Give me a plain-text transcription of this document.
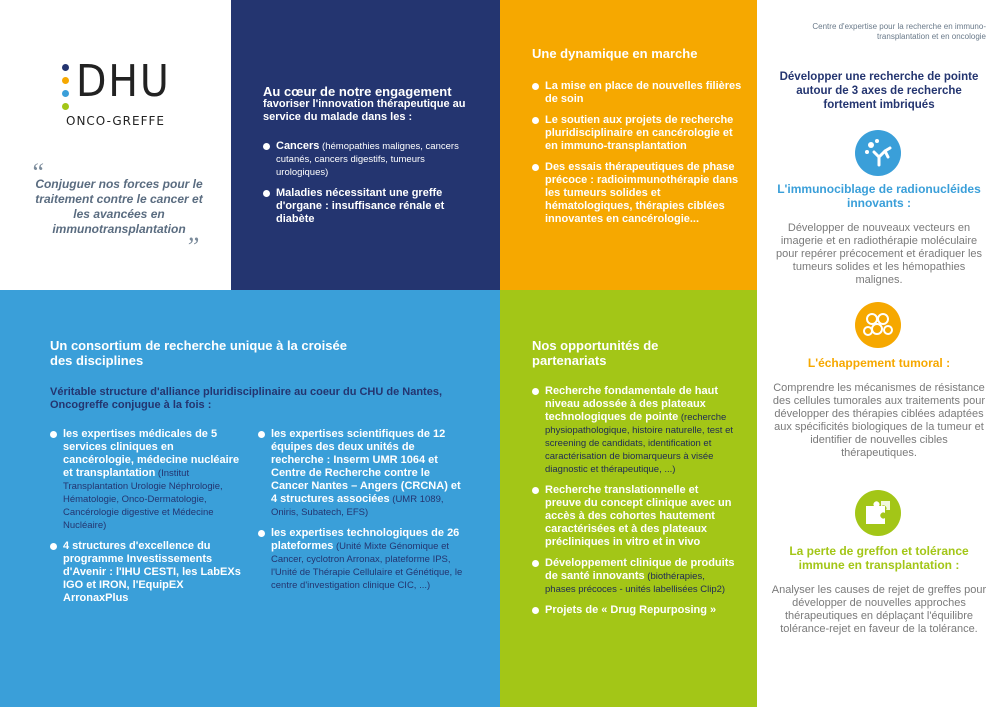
DHU
ONCO-GREFFE
“
Conjuguer nos forces pour le traitement contre le cancer et les avancées en immunotransplantation
”
Au cœur de notre engagement
favoriser l'innovation thérapeutique au service du malade dans les :
Cancers (hémopathies malignes, cancers cutanés, cancers digestifs, tumeurs urologiques)
Maladies nécessitant une greffe d'organe : insuffisance rénale et diabète
Une dynamique en marche
La mise en place de nouvelles filières de soin
Le soutien aux projets de recherche pluridisciplinaire en cancérologie et en immuno-transplantation
Des essais thérapeutiques de phase précoce : radioimmunothérapie dans les tumeurs solides et hématologiques, thérapies ciblées innovantes en cancérologie...
Un consortium de recherche unique à la croisée des disciplines
Véritable structure d'alliance pluridisciplinaire au coeur du CHU de Nantes, Oncogreffe conjugue à la fois :
les expertises médicales de 5 services cliniques en cancérologie, médecine nucléaire et transplantation (Institut Transplantation Urologie Néphrologie, Hématologie, Onco-Dermatologie, Cancérologie digestive et Médecine Nucléaire)
4 structures d'excellence du programme Investissements d'Avenir : l'IHU CESTI, les LabEXs IGO et IRON, l'EquipEX ArronaxPlus
les expertises scientifiques de 12 équipes des deux unités de recherche : Inserm UMR 1064 et Centre de Recherche contre le Cancer Nantes – Angers (CRCNA) et 4 structures associées (UMR 1089, Oniris, Subatech, EFS)
les expertises technologiques de 26 plateformes (Unité Mixte Génomique et Cancer, cyclotron Arronax, plateforme IPS, l'Unité de Thérapie Cellulaire et Génétique, le centre d'investigation clinique CIC, ...)
Nos opportunités de partenariats
Recherche fondamentale de haut niveau adossée à des plateaux technologiques de pointe (recherche physiopathologique, histoire naturelle, test et screening de candidats, identification et caractérisation de biomarqueurs à visée diagnostic et thérapeutique, ...)
Recherche translationnelle et preuve du concept clinique avec un accès à des cohortes hautement caractérisées et à des plateaux précliniques in vitro et in vivo
Développement clinique de produits de santé innovants (biothérapies, phases précoces - unités labellisées Clip2)
Projets de « Drug Repurposing »
Centre d'expertise pour la recherche en immuno-transplantation et en oncologie
Développer une recherche de pointe autour de 3 axes de recherche fortement imbriqués
L'immunociblage de radionucléides innovants :
Développer de nouveaux vecteurs en imagerie et en radiothérapie moléculaire pour repérer précocement et éradiquer les tumeurs solides et les hémopathies malignes.
L'échappement tumoral :
Comprendre les mécanismes de résistance des cellules tumorales aux traitements pour développer des thérapies ciblées adaptées aux spécificités biologiques de la tumeur et identifier de nouvelles cibles thérapeutiques.
La perte de greffon et tolérance immune en transplantation :
Analyser les causes de rejet de greffes pour développer de nouvelles approches thérapeutiques en déplaçant l'équilibre tolérance-rejet en faveur de la tolérance.
